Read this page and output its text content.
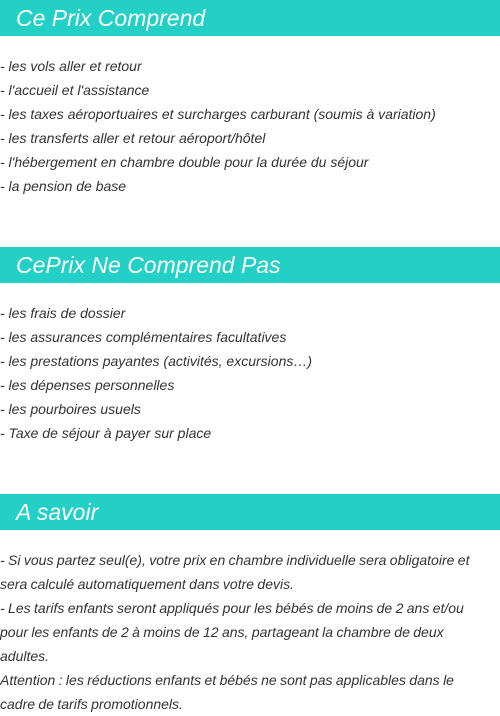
Ce Prix Comprend
- les vols aller et retour
- l'accueil et l'assistance
- les taxes aéroportuaires et surcharges carburant (soumis à variation)
- les transferts aller et retour aéroport/hôtel
- l'hébergement en chambre double pour la durée du séjour
- la pension de base
CePrix Ne Comprend Pas
- les frais de dossier
- les assurances complémentaires facultatives
- les prestations payantes (activités, excursions…)
- les dépenses personnelles
- les pourboires usuels
- Taxe de séjour à payer sur place
A savoir
- Si vous partez seul(e), votre prix en chambre individuelle sera obligatoire et sera calculé automatiquement dans votre devis.
- Les tarifs enfants seront appliqués pour les bébés de moins de 2 ans et/ou pour les enfants de 2 à moins de 12 ans, partageant la chambre de deux adultes.
Attention : les réductions enfants et bébés ne sont pas applicables dans le cadre de tarifs promotionnels.
